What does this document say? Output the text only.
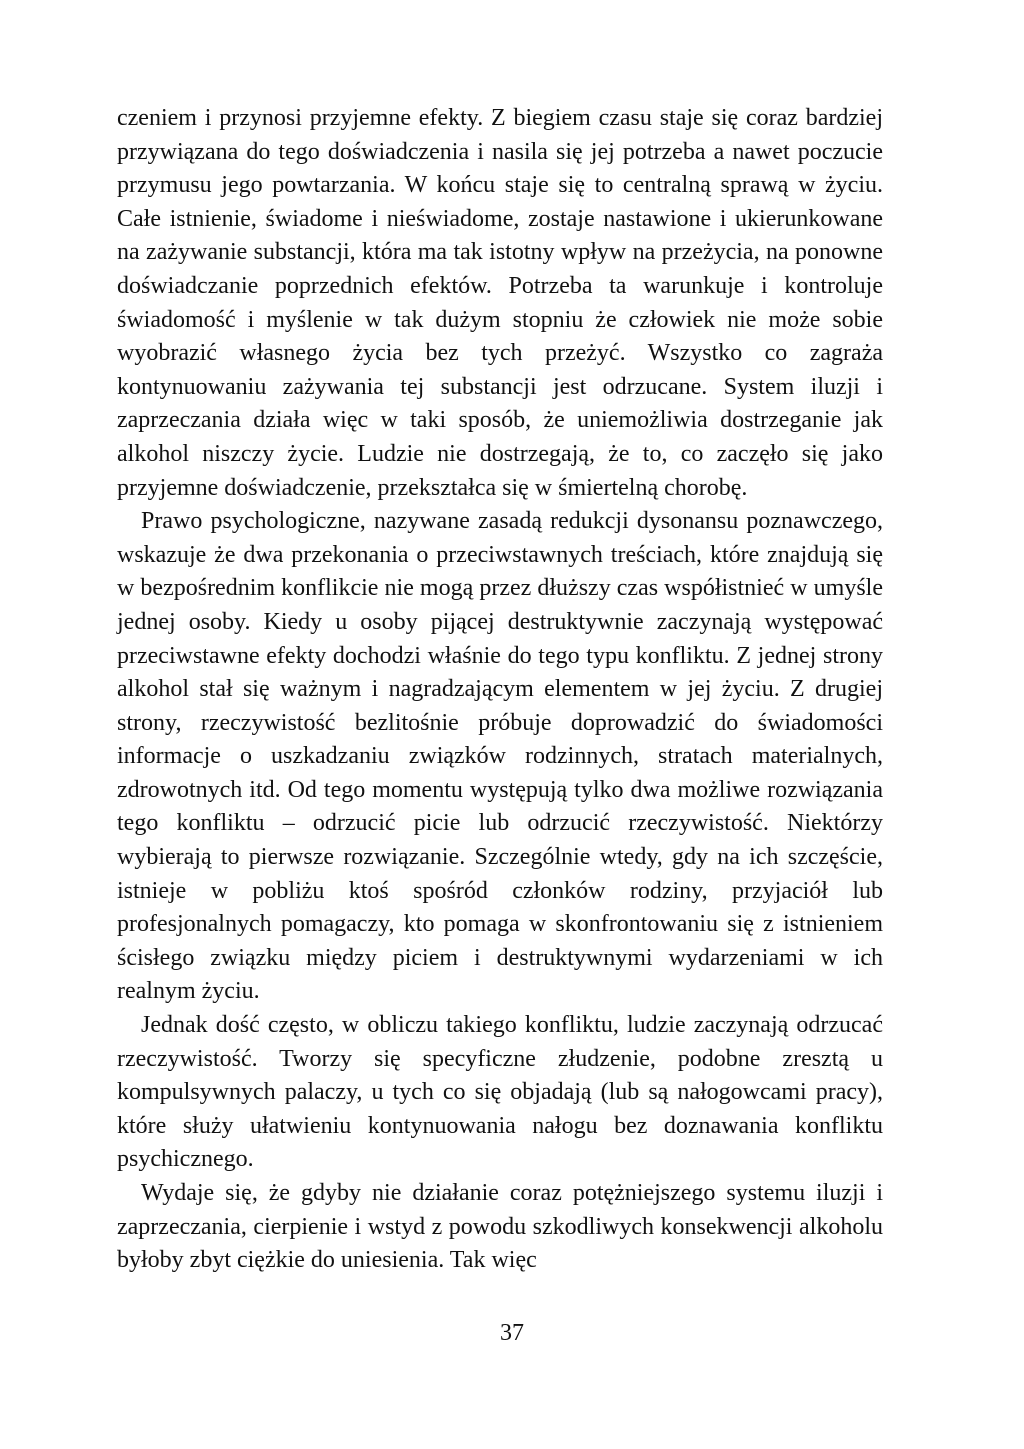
czeniem i przynosi przyjemne efekty. Z biegiem czasu staje się coraz bardziej przywiązana do tego doświadczenia i nasila się jej potrzeba a nawet poczucie przymusu jego powtarzania. W końcu staje się to centralną sprawą w życiu. Całe istnienie, świadome i nieświadome, zostaje nastawione i ukierunkowane na zażywanie substancji, która ma tak istotny wpływ na przeżycia, na ponowne doświadczanie poprzednich efektów. Potrzeba ta warunkuje i kontroluje świadomość i myślenie w tak dużym stopniu że człowiek nie może sobie wyobrazić własnego życia bez tych przeżyć. Wszystko co zagraża kontynuowaniu zażywania tej substancji jest odrzucane. System iluzji i zaprzeczania działa więc w taki sposób, że uniemożliwia dostrzeganie jak alkohol niszczy życie. Ludzie nie dostrzegają, że to, co zaczęło się jako przyjemne doświadczenie, przekształca się w śmiertelną chorobę.

Prawo psychologiczne, nazywane zasadą redukcji dysonansu poznawczego, wskazuje że dwa przekonania o przeciwstawnych treściach, które znajdują się w bezpośrednim konflikcie nie mogą przez dłuższy czas współistnieć w umyśle jednej osoby. Kiedy u osoby pijącej destruktywnie zaczynają występować przeciwstawne efekty dochodzi właśnie do tego typu konfliktu. Z jednej strony alkohol stał się ważnym i nagradzającym elementem w jej życiu. Z drugiej strony, rzeczywistość bezlitośnie próbuje doprowadzić do świadomości informacje o uszkadzaniu związków rodzinnych, stratach materialnych, zdrowotnych itd. Od tego momentu występują tylko dwa możliwe rozwiązania tego konfliktu – odrzucić picie lub odrzucić rzeczywistość. Niektórzy wybierają to pierwsze rozwiązanie. Szczególnie wtedy, gdy na ich szczęście, istnieje w pobliżu ktoś spośród członków rodziny, przyjaciół lub profesjonalnych pomagaczy, kto pomaga w skonfrontowaniu się z istnieniem ścisłego związku między piciem i destruktywnymi wydarzeniami w ich realnym życiu.

Jednak dość często, w obliczu takiego konfliktu, ludzie zaczynają odrzucać rzeczywistość. Tworzy się specyficzne złudzenie, podobne zresztą u kompulsywnych palaczy, u tych co się objadają (lub są nałogowcami pracy), które służy ułatwieniu kontynuowania nałogu bez doznawania konfliktu psychicznego.

Wydaje się, że gdyby nie działanie coraz potężniejszego systemu iluzji i zaprzeczania, cierpienie i wstyd z powodu szkodliwych konsekwencji alkoholu byłoby zbyt ciężkie do uniesienia. Tak więc

37
